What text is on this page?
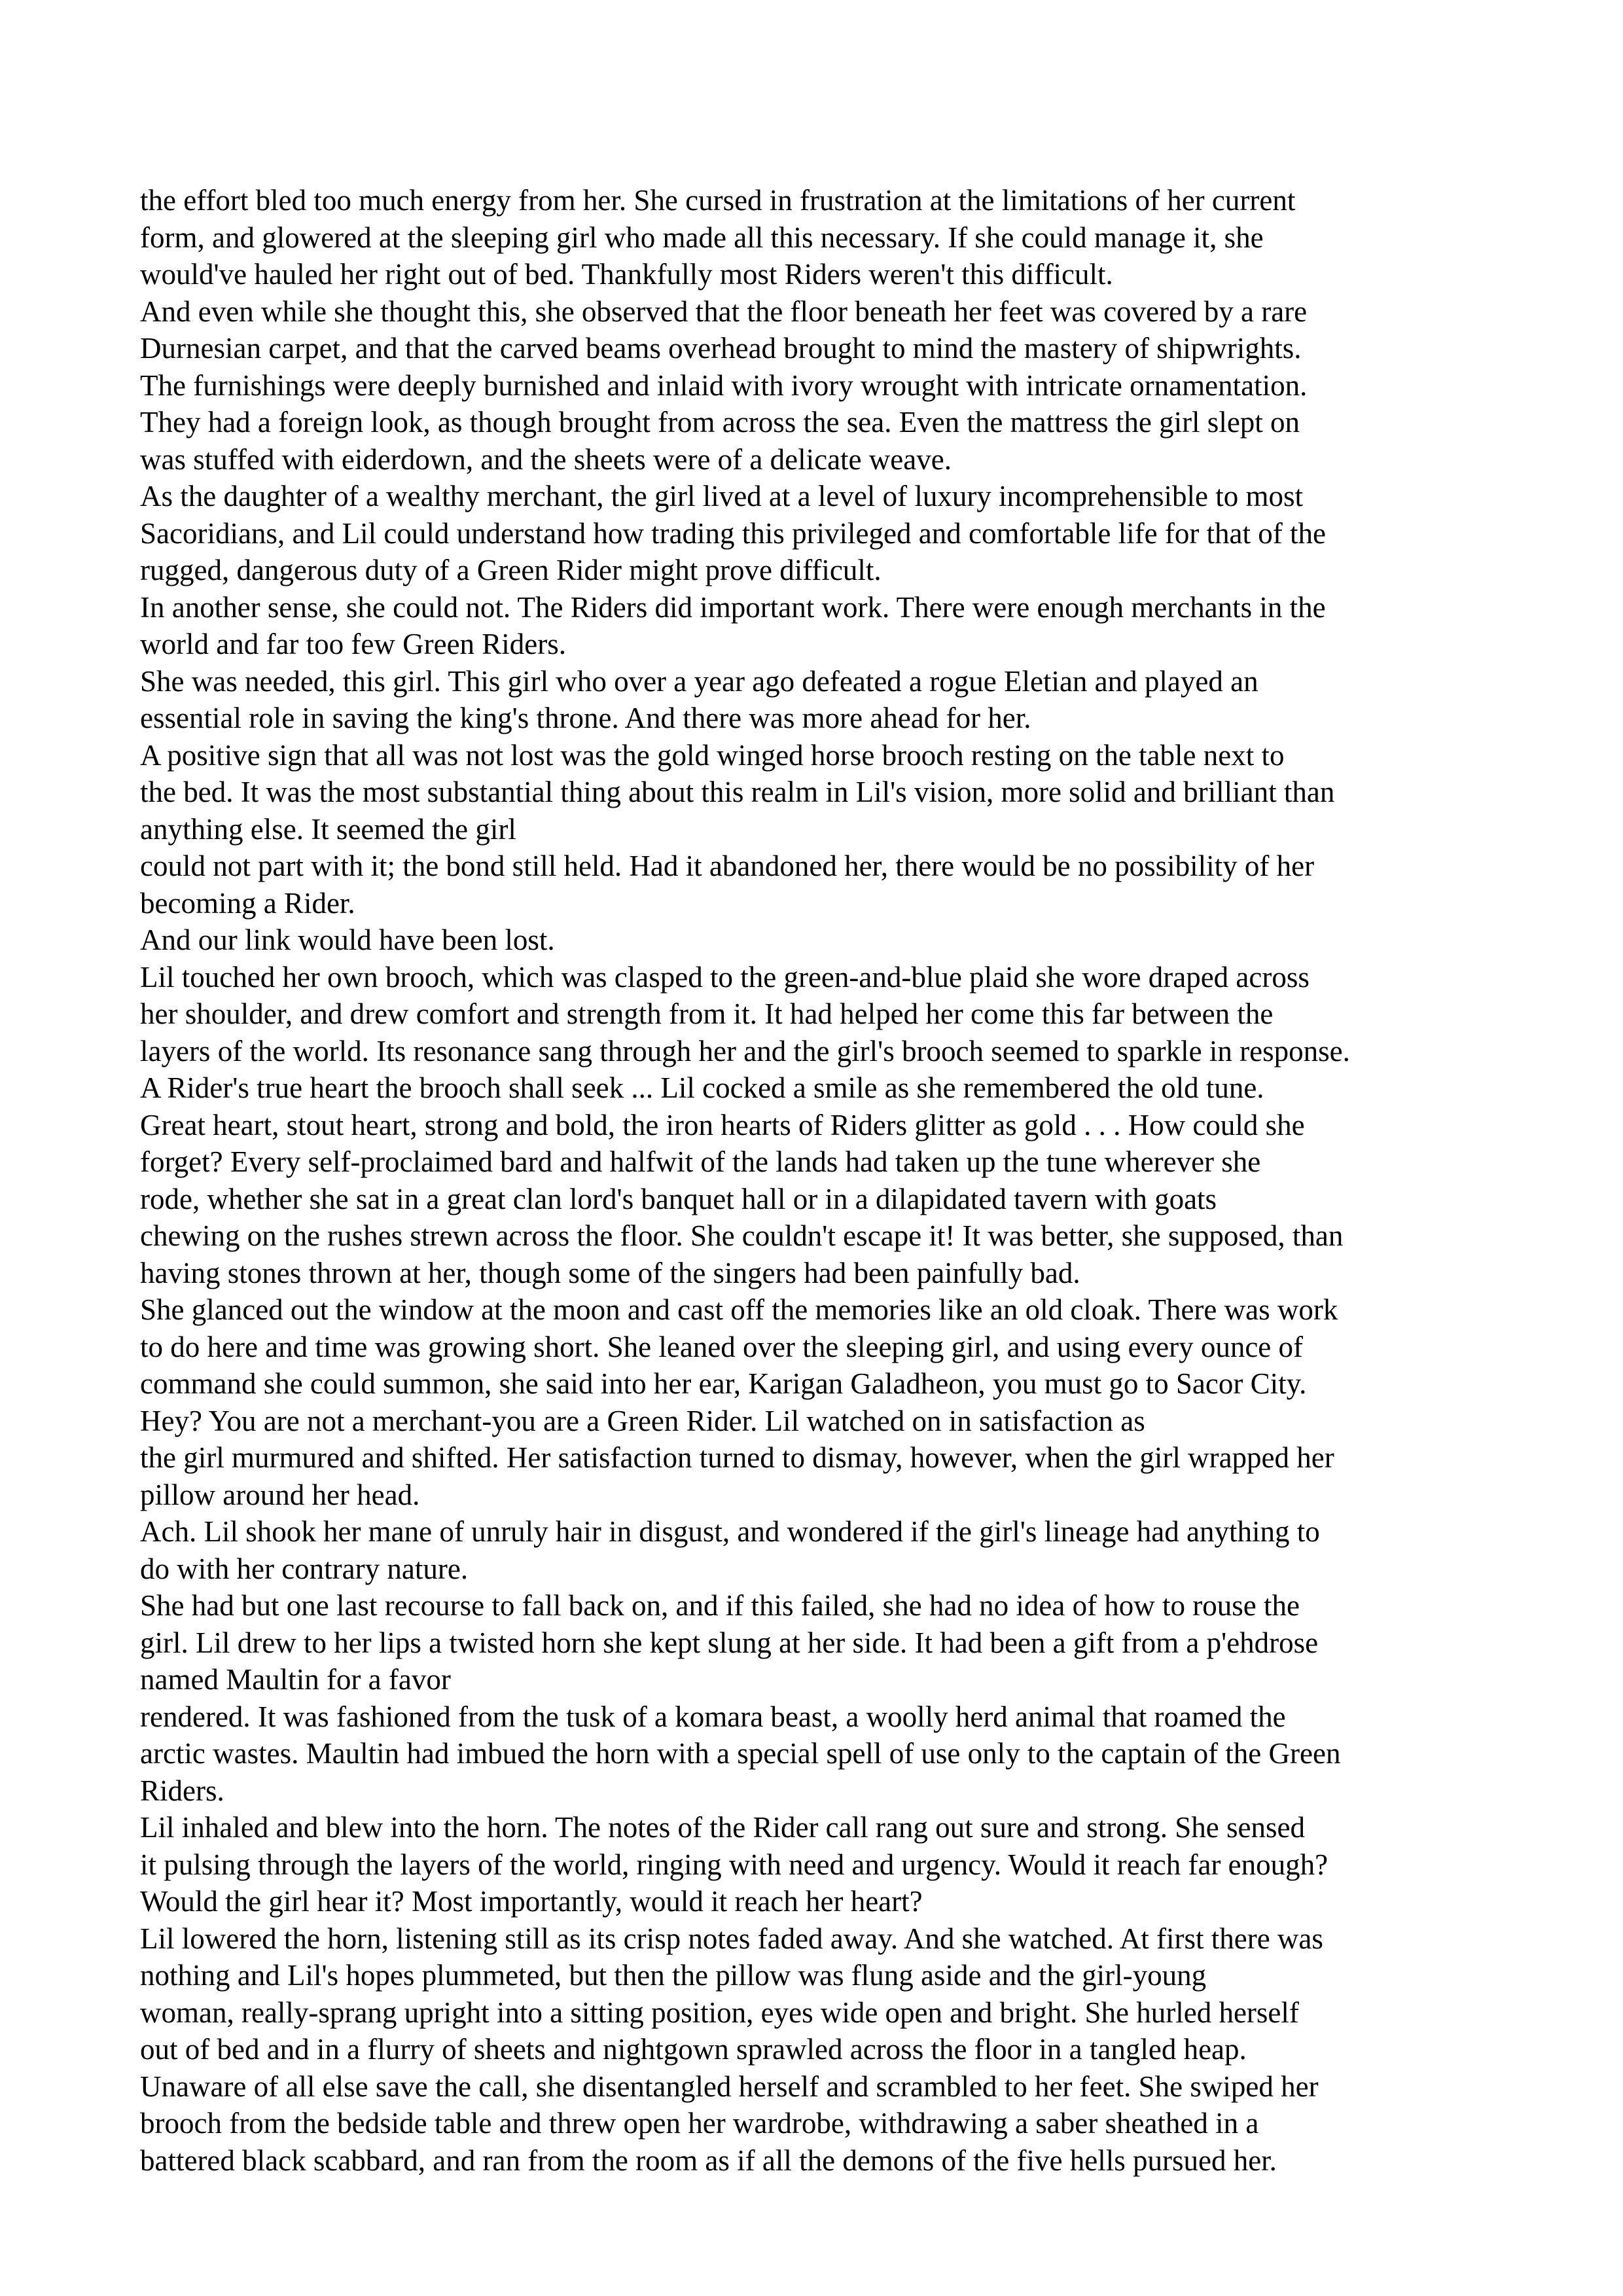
the effort bled too much energy from her. She cursed in frustration at the limitations of her current
form, and glowered at the sleeping girl who made all this necessary. If she could manage it, she
would've hauled her right out of bed. Thankfully most Riders weren't this difficult.
And even while she thought this, she observed that the floor beneath her feet was covered by a rare
Durnesian carpet, and that the carved beams overhead brought to mind the mastery of shipwrights.
The furnishings were deeply burnished and inlaid with ivory wrought with intricate ornamentation.
They had a foreign look, as though brought from across the sea. Even the mattress the girl slept on
was stuffed with eiderdown, and the sheets were of a delicate weave.
As the daughter of a wealthy merchant, the girl lived at a level of luxury incomprehensible to most
Sacoridians, and Lil could understand how trading this privileged and comfortable life for that of the
rugged, dangerous duty of a Green Rider might prove difficult.
In another sense, she could not. The Riders did important work. There were enough merchants in the
world and far too few Green Riders.
She was needed, this girl. This girl who over a year ago defeated a rogue Eletian and played an
essential role in saving the king's throne. And there was more ahead for her.
A positive sign that all was not lost was the gold winged horse brooch resting on the table next to
the bed. It was the most substantial thing about this realm in Lil's vision, more solid and brilliant than
anything else. It seemed the girl
could not part with it; the bond still held. Had it abandoned her, there would be no possibility of her
becoming a Rider.
And our link would have been lost.
Lil touched her own brooch, which was clasped to the green-and-blue plaid she wore draped across
her shoulder, and drew comfort and strength from it. It had helped her come this far between the
layers of the world. Its resonance sang through her and the girl's brooch seemed to sparkle in response.
A Rider's true heart the brooch shall seek ... Lil cocked a smile as she remembered the old tune.
Great heart, stout heart, strong and bold, the iron hearts of Riders glitter as gold . . . How could she
forget? Every self-proclaimed bard and halfwit of the lands had taken up the tune wherever she
rode, whether she sat in a great clan lord's banquet hall or in a dilapidated tavern with goats
chewing on the rushes strewn across the floor. She couldn't escape it! It was better, she supposed, than
having stones thrown at her, though some of the singers had been painfully bad.
She glanced out the window at the moon and cast off the memories like an old cloak. There was work
to do here and time was growing short. She leaned over the sleeping girl, and using every ounce of
command she could summon, she said into her ear, Karigan Galadheon, you must go to Sacor City.
Hey? You are not a merchant-you are a Green Rider. Lil watched on in satisfaction as
the girl murmured and shifted. Her satisfaction turned to dismay, however, when the girl wrapped her
pillow around her head.
Ach. Lil shook her mane of unruly hair in disgust, and wondered if the girl's lineage had anything to
do with her contrary nature.
She had but one last recourse to fall back on, and if this failed, she had no idea of how to rouse the
girl. Lil drew to her lips a twisted horn she kept slung at her side. It had been a gift from a p'ehdrose
named Maultin for a favor
rendered. It was fashioned from the tusk of a komara beast, a woolly herd animal that roamed the
arctic wastes. Maultin had imbued the horn with a special spell of use only to the captain of the Green
Riders.
Lil inhaled and blew into the horn. The notes of the Rider call rang out sure and strong. She sensed
it pulsing through the layers of the world, ringing with need and urgency. Would it reach far enough?
Would the girl hear it? Most importantly, would it reach her heart?
Lil lowered the horn, listening still as its crisp notes faded away. And she watched. At first there was
nothing and Lil's hopes plummeted, but then the pillow was flung aside and the girl-young
woman, really-sprang upright into a sitting position, eyes wide open and bright. She hurled herself
out of bed and in a flurry of sheets and nightgown sprawled across the floor in a tangled heap.
Unaware of all else save the call, she disentangled herself and scrambled to her feet. She swiped her
brooch from the bedside table and threw open her wardrobe, withdrawing a saber sheathed in a
battered black scabbard, and ran from the room as if all the demons of the five hells pursued her.
